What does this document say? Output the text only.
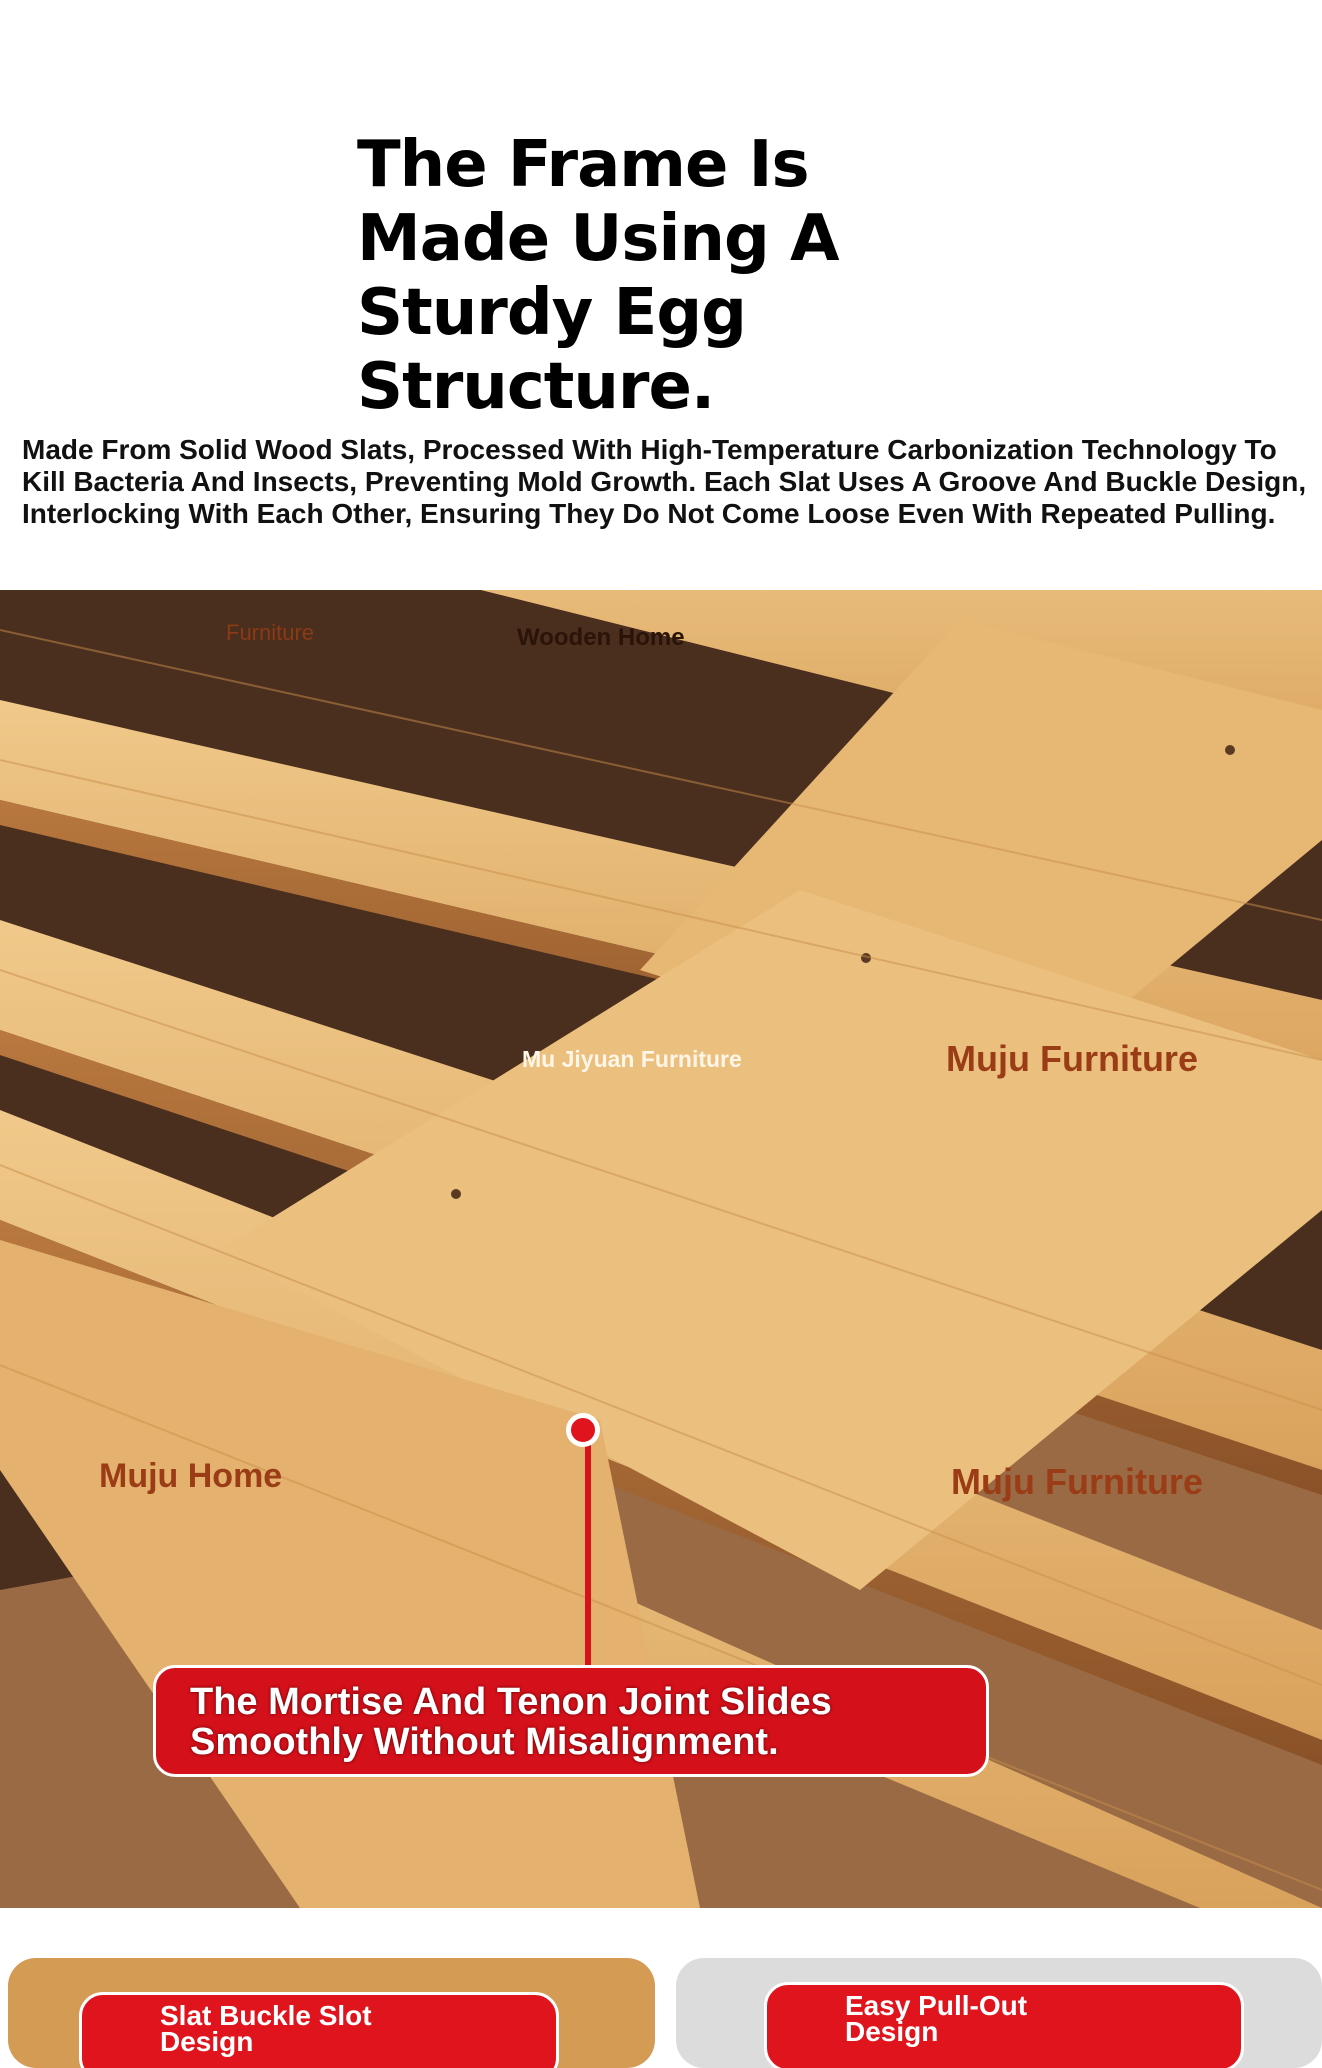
The Frame Is
Made Using A
Sturdy Egg
Structure.

Made From Solid Wood Slats, Processed With High-Temperature Carbonization Technology To Kill Bacteria And Insects, Preventing Mold Growth. Each Slat Uses A Groove And Buckle Design, Interlocking With Each Other, Ensuring They Do Not Come Loose Even With Repeated Pulling.

Furniture	Wooden Home
Mu Jiyuan Furniture	Muju Furniture
Muju Home	Muju Furniture
The Mortise And Tenon Joint Slides
Smoothly Without Misalignment.
Slat Buckle Slot
Design
Easy Pull-Out
Design
